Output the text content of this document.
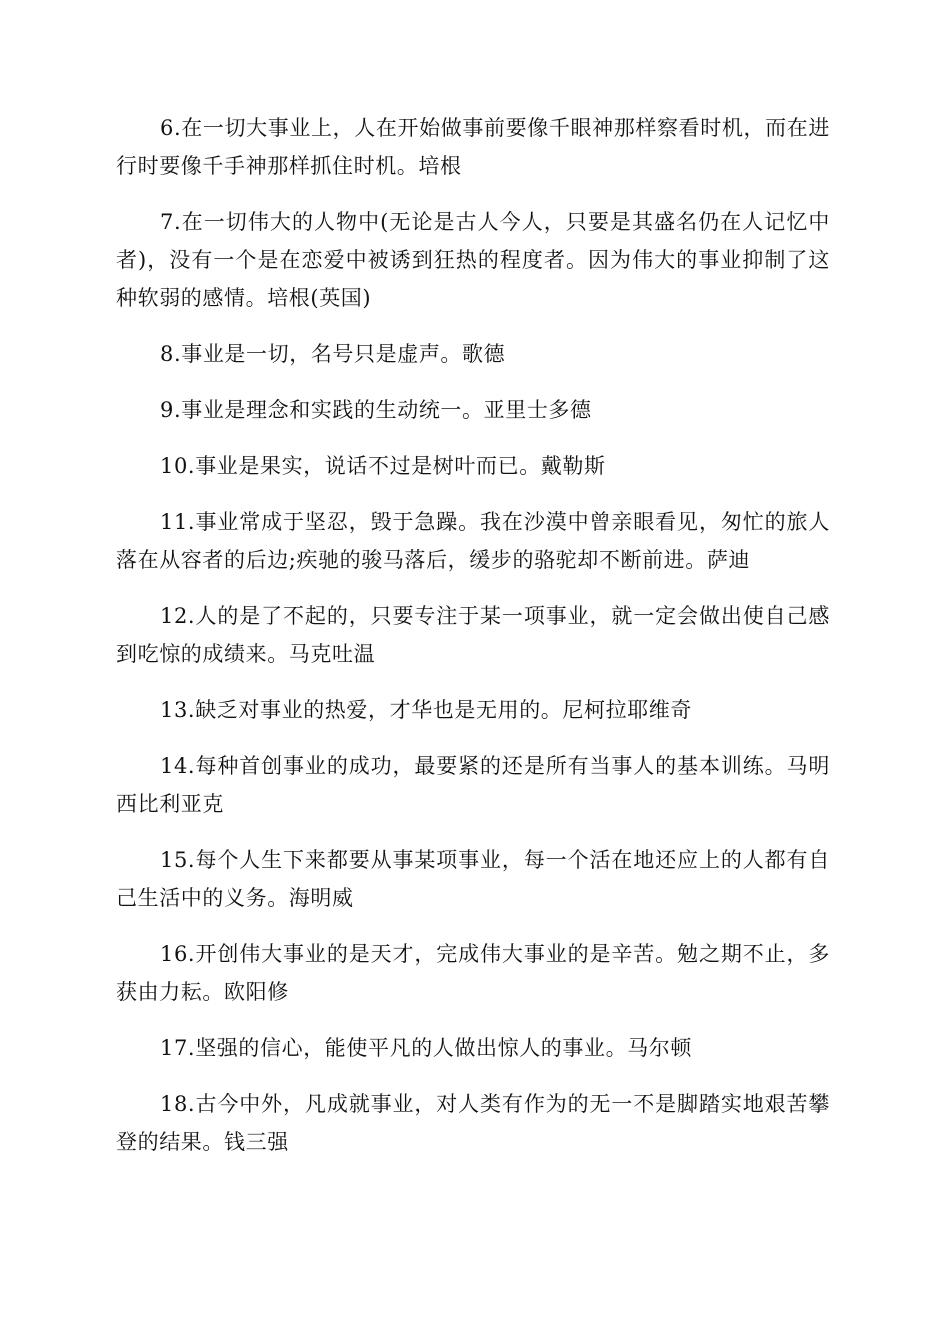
6.在一切大事业上，人在开始做事前要像千眼神那样察看时机，而在进行时要像千手神那样抓住时机。培根

7.在一切伟大的人物中(无论是古人今人，只要是其盛名仍在人记忆中者)，没有一个是在恋爱中被诱到狂热的程度者。因为伟大的事业抑制了这种软弱的感情。培根(英国)

8.事业是一切，名号只是虚声。歌德

9.事业是理念和实践的生动统一。亚里士多德

10.事业是果实，说话不过是树叶而已。戴勒斯

11.事业常成于坚忍，毁于急躁。我在沙漠中曾亲眼看见，匆忙的旅人落在从容者的后边;疾驰的骏马落后，缓步的骆驼却不断前进。萨迪

12.人的是了不起的，只要专注于某一项事业，就一定会做出使自己感到吃惊的成绩来。马克吐温

13.缺乏对事业的热爱，才华也是无用的。尼柯拉耶维奇

14.每种首创事业的成功，最要紧的还是所有当事人的基本训练。马明西比利亚克

15.每个人生下来都要从事某项事业，每一个活在地还应上的人都有自己生活中的义务。海明威

16.开创伟大事业的是天才，完成伟大事业的是辛苦。勉之期不止，多获由力耘。欧阳修

17.坚强的信心，能使平凡的人做出惊人的事业。马尔顿

18.古今中外，凡成就事业，对人类有作为的无一不是脚踏实地艰苦攀登的结果。钱三强
